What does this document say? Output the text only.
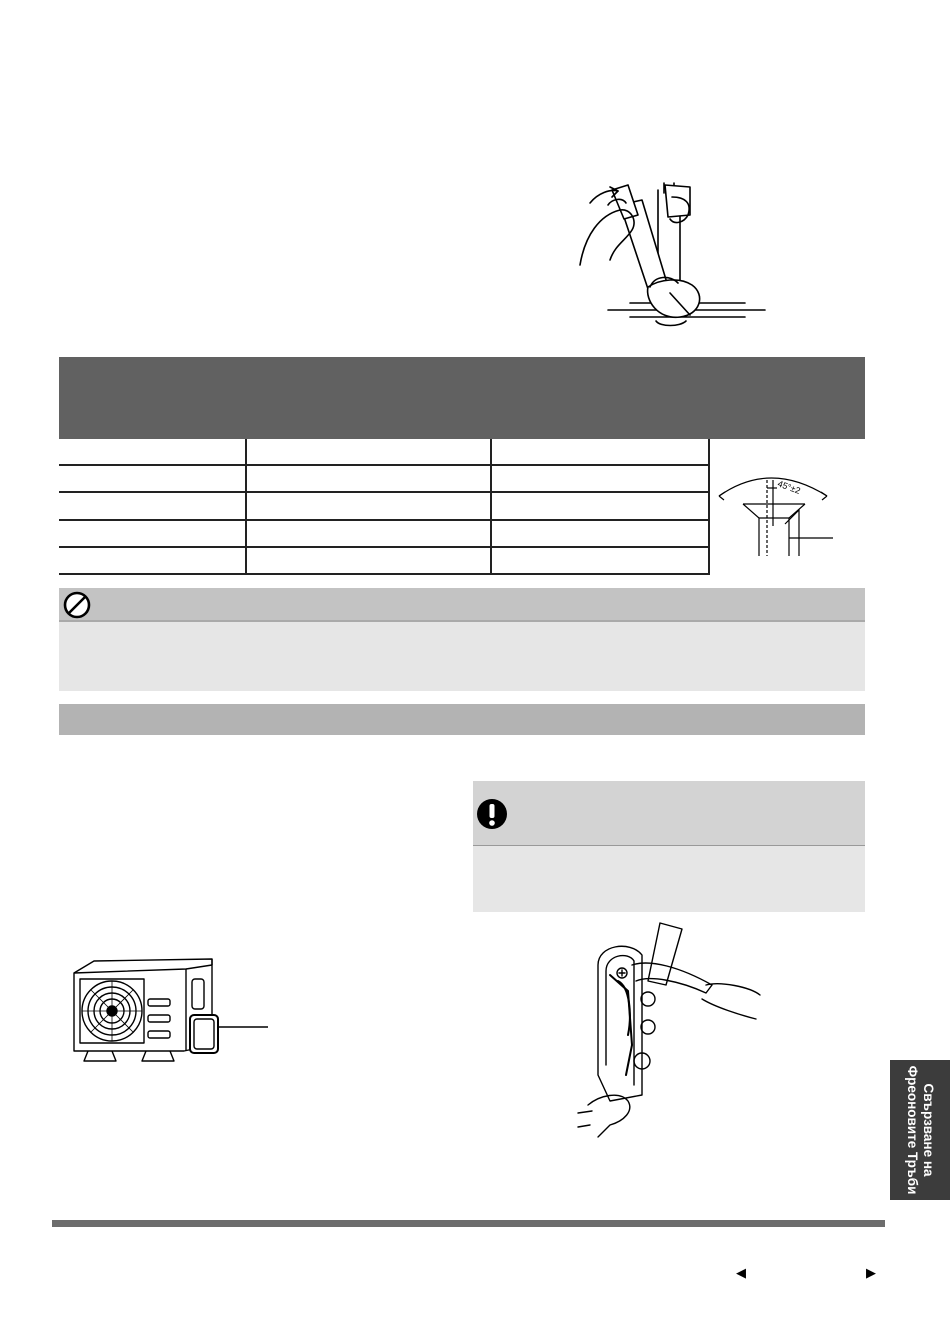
45°±2
Свързване на
Фреоновите Тръби
◀	▶
